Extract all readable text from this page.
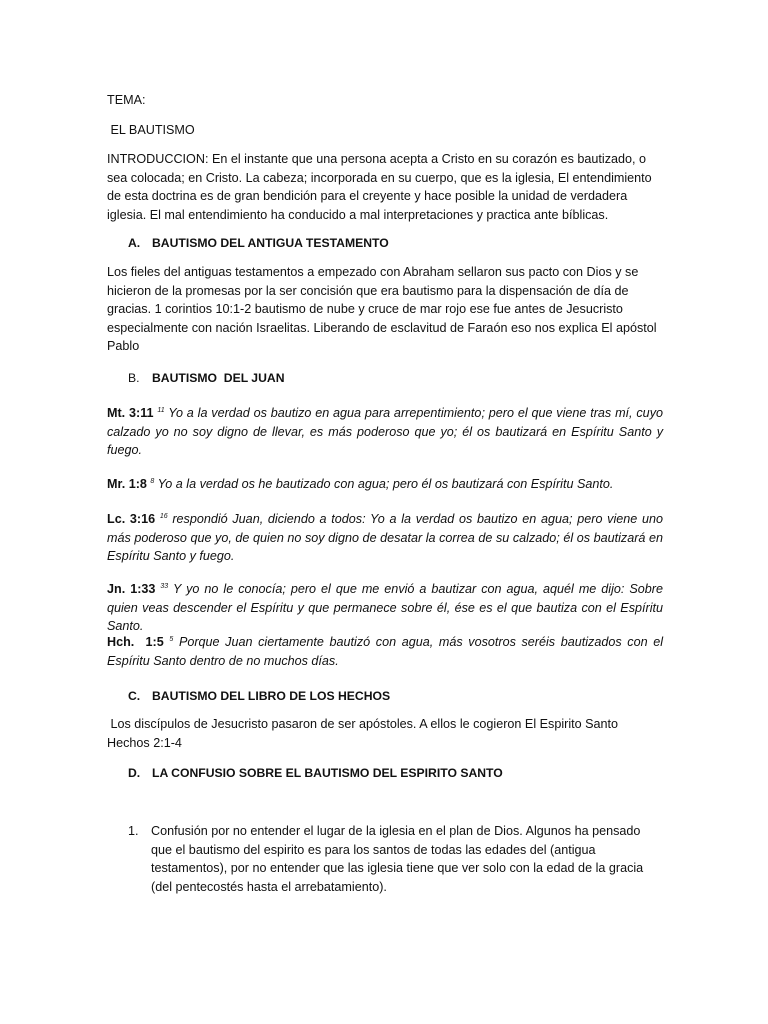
TEMA:

EL BAUTISMO

INTRODUCCION: En el instante que una persona acepta a Cristo en su corazón es bautizado, o sea colocada; en Cristo. La cabeza; incorporada en su cuerpo, que es la iglesia, El entendimiento de esta doctrina es de gran bendición para el creyente y hace posible la unidad de verdadera iglesia. El mal entendimiento ha conducido a mal interpretaciones y practica ante bíblicas.

A. BAUTISMO DEL ANTIGUA TESTAMENTO

Los fieles del antiguas testamentos a empezado con Abraham sellaron sus pacto con Dios y se hicieron de la promesas por la ser concisión que era bautismo para la dispensación de día de gracias. 1 corintios 10:1-2 bautismo de nube y cruce de mar rojo ese fue antes de Jesucristo especialmente con nación Israelitas. Liberando de esclavitud de Faraón eso nos explica El apóstol Pablo

B. BAUTISMO  DEL JUAN

Mt. 3:11 $^{11}$ Yo a la verdad os bautizo en agua para arrepentimiento; pero el que viene tras mí, cuyo calzado yo no soy digno de llevar, es más poderoso que yo; él os bautizará en Espíritu Santo y fuego.

Mr. 1:8 $^8$ Yo a la verdad os he bautizado con agua; pero él os bautizará con Espíritu Santo.

Lc. 3:16 $^{16}$ respondió Juan, diciendo a todos: Yo a la verdad os bautizo en agua; pero viene uno más poderoso que yo, de quien no soy digno de desatar la correa de su calzado; él os bautizará en Espíritu Santo y fuego.

Jn. 1:33 $^{33}$ Y yo no le conocía; pero el que me envió a bautizar con agua, aquél me dijo: Sobre quien veas descender el Espíritu y que permanece sobre él, ése es el que bautiza con el Espíritu Santo.

Hch.  1:5 $^5$ Porque Juan ciertamente bautizó con agua, más vosotros seréis bautizados con el Espíritu Santo dentro de no muchos días.

C. BAUTISMO DEL LIBRO DE LOS HECHOS

Los discípulos de Jesucristo pasaron de ser apóstoles. A ellos le cogieron El Espirito Santo  Hechos 2:1-4

D. LA CONFUSIO SOBRE EL BAUTISMO DEL ESPIRITO SANTO
1. Confusión por no entender el lugar de la iglesia en el plan de Dios. Algunos ha pensado que el bautismo del espirito es para los santos de todas las edades del (antigua testamentos), por no entender que las iglesia tiene que ver solo con la edad de la gracia (del pentecostés hasta el arrebatamiento).
